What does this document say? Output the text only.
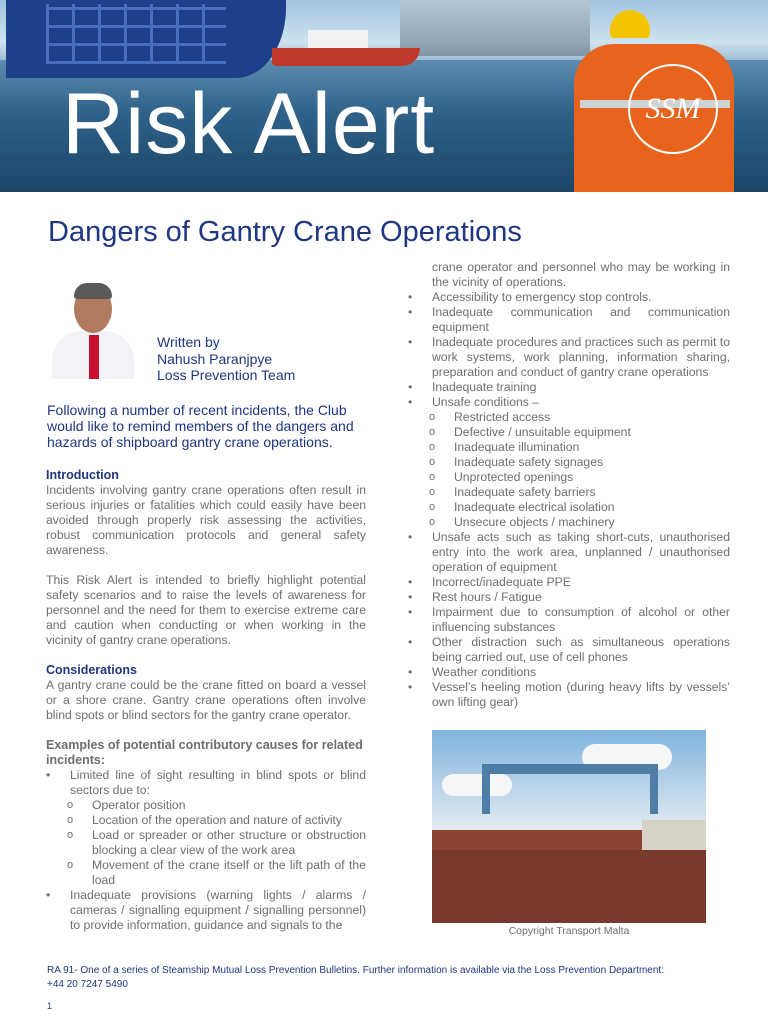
Risk Alert	SSM
Dangers of Gantry Crane Operations
Written by
Nahush Paranjpye
Loss Prevention Team
Following a number of recent incidents, the Club would like to remind members of the dangers and hazards of shipboard gantry crane operations.
Introduction

Incidents involving gantry crane operations often result in serious injuries or fatalities which could easily have been avoided through properly risk assessing the activities, robust communication protocols and general safety awareness.

This Risk Alert is intended to briefly highlight potential safety scenarios and to raise the levels of awareness for personnel and the need for them to exercise extreme care and caution when conducting or when working in the vicinity of gantry crane operations.

Considerations

A gantry crane could be the crane fitted on board a vessel or a shore crane. Gantry crane operations often involve blind spots or blind sectors for the gantry crane operator.

Examples of potential contributory causes for related incidents:
• Limited line of sight resulting in blind spots or blind sectors due to:
o Operator position
o Location of the operation and nature of activity
o Load or spreader or other structure or obstruction blocking a clear view of the work area
o Movement of the crane itself or the lift path of the load
• Inadequate provisions (warning lights / alarms / cameras / signalling equipment / signalling personnel) to provide information, guidance and signals to the

crane operator and personnel who may be working in the vicinity of operations.

• Accessibility to emergency stop controls.
• Inadequate communication and communication equipment
• Inadequate procedures and practices such as permit to work systems, work planning, information sharing, preparation and conduct of gantry crane operations
• Inadequate training
• Unsafe conditions –
o Restricted access
o Defective / unsuitable equipment
o Inadequate illumination
o Inadequate safety signages
o Unprotected openings
o Inadequate safety barriers
o Inadequate electrical isolation
o Unsecure objects / machinery
• Unsafe acts such as taking short-cuts, unauthorised entry into the work area, unplanned / unauthorised operation of equipment
• Incorrect/inadequate PPE
• Rest hours / Fatigue
• Impairment due to consumption of alcohol or other influencing substances
• Other distraction such as simultaneous operations being carried out, use of cell phones
• Weather conditions
• Vessel’s heeling motion (during heavy lifts by vessels’ own lifting gear)
Copyright Transport Malta
RA 91- One of a series of Steamship Mutual Loss Prevention Bulletins. Further information is available via the Loss Prevention Department:
+44 20 7247 5490
1
